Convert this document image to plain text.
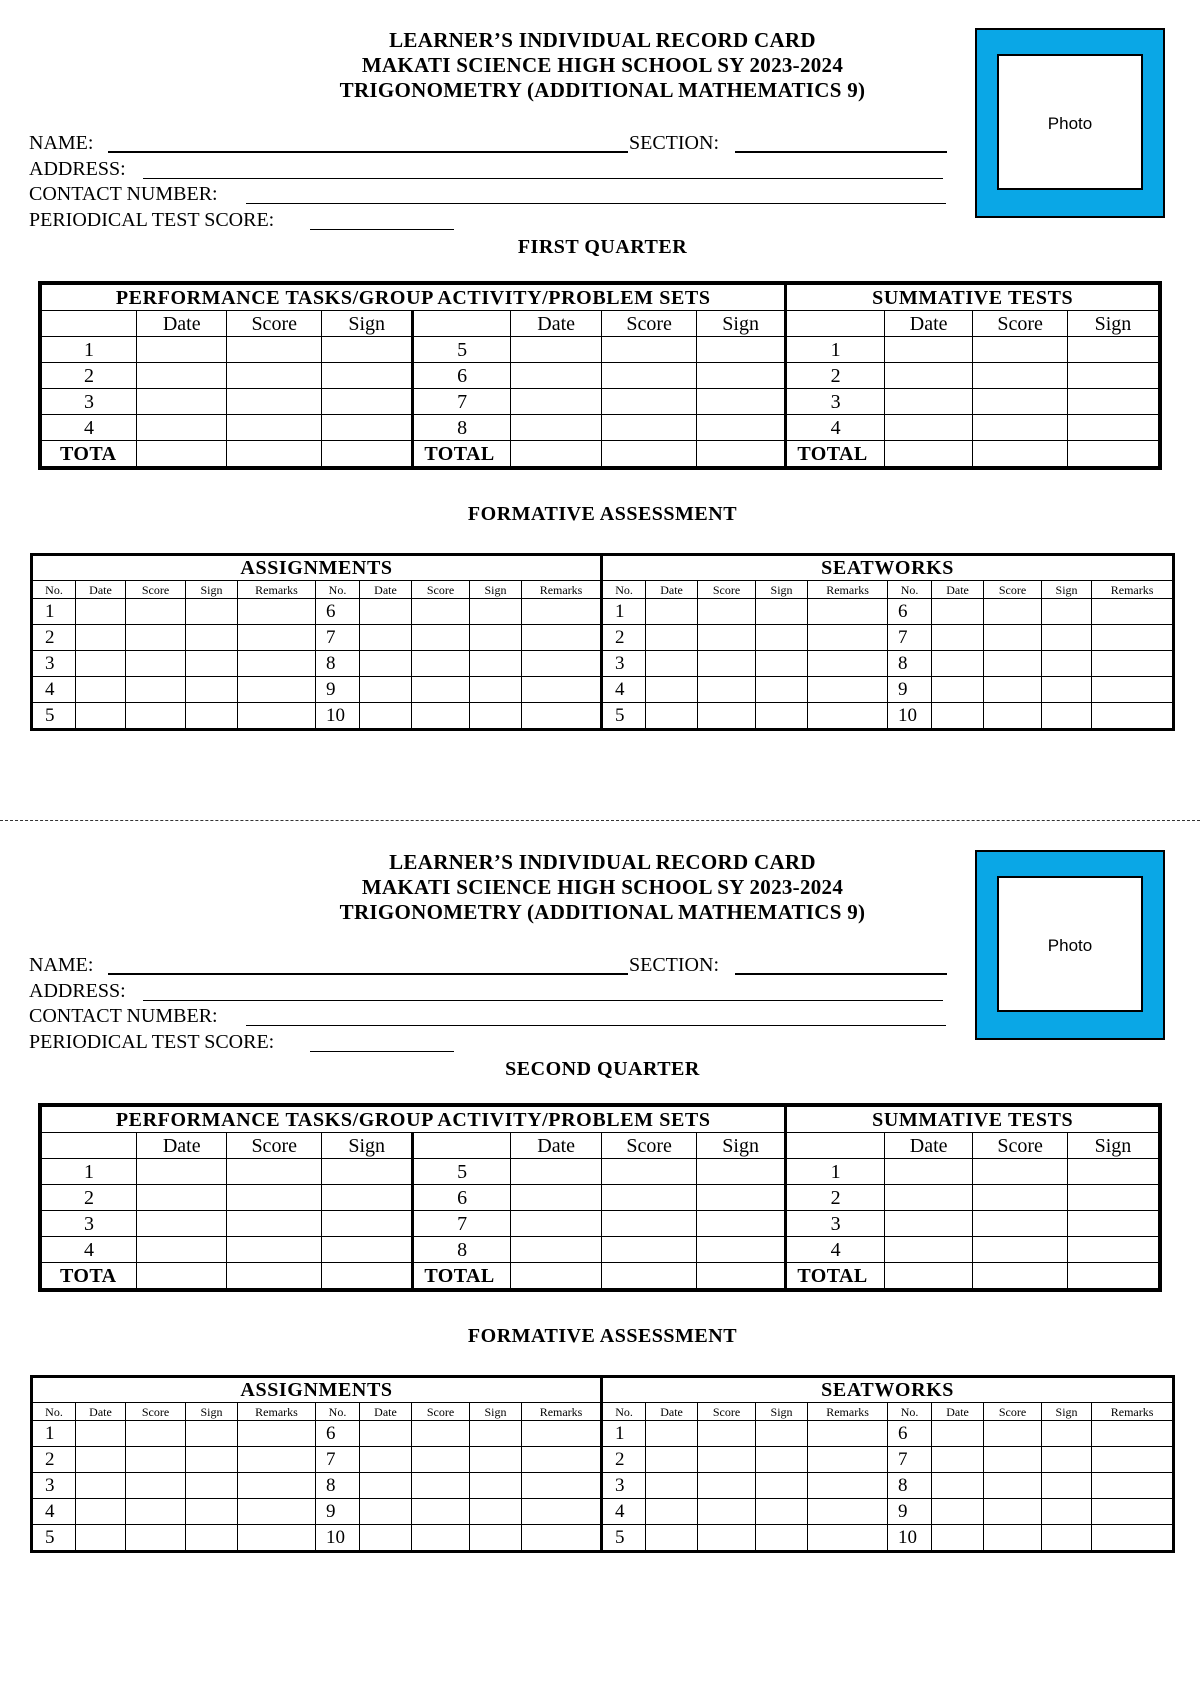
LEARNER’S INDIVIDUAL RECORD CARD
MAKATI SCIENCE HIGH SCHOOL SY 2023-2024
TRIGONOMETRY (ADDITIONAL MATHEMATICS 9)
Photo
NAME:	SECTION:
ADDRESS:
CONTACT NUMBER:
PERIODICAL TEST SCORE:
FIRST QUARTER
PERFORMANCE TASKS/GROUP ACTIVITY/PROBLEM SETS								SUMMATIVE TESTS			
	Date	Score	Sign		Date	Score	Sign		Date	Score	Sign
1				5				1			
2				6				2			
3				7				3			
4				8				4			
TOTA				TOTAL				TOTAL			
FORMATIVE ASSESSMENT
ASSIGNMENTS										SEATWORKS									
No.	Date	Score	Sign	Remarks	No.	Date	Score	Sign	Remarks	No.	Date	Score	Sign	Remarks	No.	Date	Score	Sign	Remarks
1					6					1					6				
2					7					2					7				
3					8					3					8				
4					9					4					9				
5					10					5					10				
LEARNER’S INDIVIDUAL RECORD CARD
MAKATI SCIENCE HIGH SCHOOL SY 2023-2024
TRIGONOMETRY (ADDITIONAL MATHEMATICS 9)
Photo
NAME:	SECTION:
ADDRESS:
CONTACT NUMBER:
PERIODICAL TEST SCORE:
SECOND QUARTER
PERFORMANCE TASKS/GROUP ACTIVITY/PROBLEM SETS								SUMMATIVE TESTS			
	Date	Score	Sign		Date	Score	Sign		Date	Score	Sign
1				5				1			
2				6				2			
3				7				3			
4				8				4			
TOTA				TOTAL				TOTAL			
FORMATIVE ASSESSMENT
ASSIGNMENTS										SEATWORKS									
No.	Date	Score	Sign	Remarks	No.	Date	Score	Sign	Remarks	No.	Date	Score	Sign	Remarks	No.	Date	Score	Sign	Remarks
1					6					1					6				
2					7					2					7				
3					8					3					8				
4					9					4					9				
5					10					5					10				
